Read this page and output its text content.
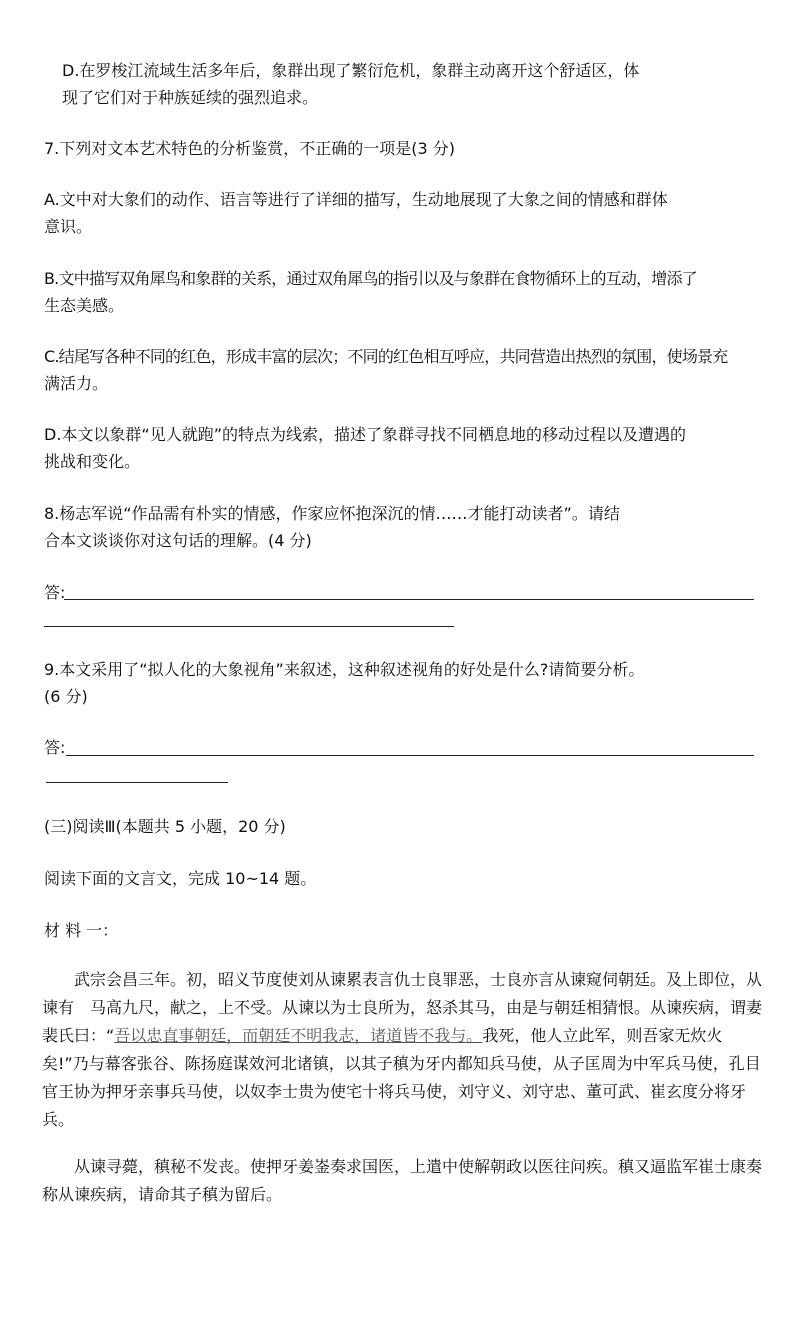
D.在罗梭江流域生活多年后，象群出现了繁衍危机，象群主动离开这个舒适区，体
现了它们对于种族延续的强烈追求。
7.下列对文本艺术特色的分析鉴赏，不正确的一项是(3 分)
A.文中对大象们的动作、语言等进行了详细的描写，生动地展现了大象之间的情感和群体
意识。
B.文中描写双角犀鸟和象群的关系，通过双角犀鸟的指引以及与象群在食物循环上的互动，增添了
生态美感。
C.结尾写各种不同的红色，形成丰富的层次；不同的红色相互呼应，共同营造出热烈的氛围，使场景充
满活力。
D.本文以象群“见人就跑”的特点为线索，描述了象群寻找不同栖息地的移动过程以及遭遇的
挑战和变化。
8.杨志军说“作品需有朴实的情感，作家应怀抱深沉的情……才能打动读者”。请结
合本文谈谈你对这句话的理解。(4 分)
答:
9.本文采用了“拟人化的大象视角”来叙述，这种叙述视角的好处是什么?请简要分析。
(6 分)
答:
(三)阅读Ⅲ(本题共 5 小题，20 分)
阅读下面的文言文，完成 10~14 题。
材 料 一：
武宗会昌三年。初，昭义节度使刘从谏累表言仇士良罪恶，士良亦言从谏窥伺朝廷。及上即位，从谏有　马高九尺，献之，上不受。从谏以为士良所为，怒杀其马，由是与朝廷相猜恨。从谏疾病，谓妻裴氏曰：“吾以忠直事朝廷，而朝廷不明我志，诸道皆不我与。我死，他人立此军，则吾家无炊火矣!”乃与幕客张谷、陈扬庭谋效河北诸镇，以其子稹为牙内都知兵马使，从子匡周为中军兵马使，孔目官王协为押牙亲事兵马使，以奴李士贵为使宅十将兵马使，刘守义、刘守忠、董可武、崔玄度分将牙兵。
从谏寻薨，稹秘不发丧。使押牙姜崟奏求国医，上遣中使解朝政以医往问疾。稹又逼监军崔士康奏称从谏疾病，请命其子稹为留后。
